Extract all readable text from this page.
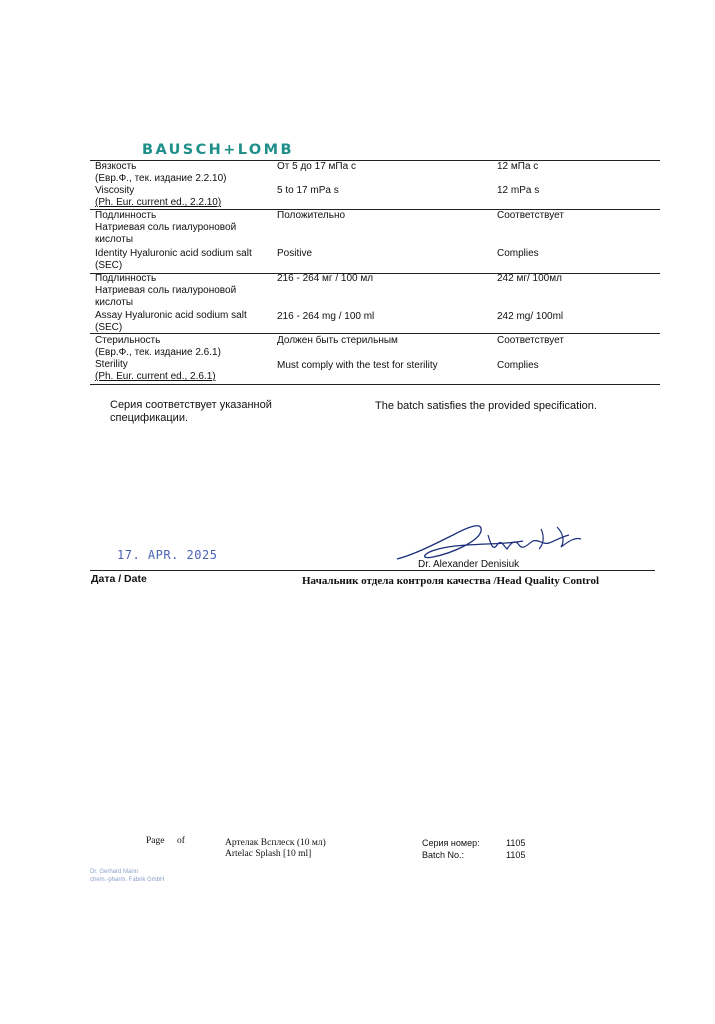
BAUSCH+LOMB
Вязкость
(Евр.Ф., тек. издание 2.2.10)
Viscosity
(Ph. Eur. current ed., 2.2.10)
От 5 до 17 мПа с
5 to 17 mPa s
12 мПа с
12 mPa s
Подлинность
Натриевая соль гиалуроновой
кислоты
Identity Hyaluronic acid sodium salt
(SEC)
Положительно
Positive
Соответствует
Complies
Подлинность
Натриевая соль гиалуроновой
кислоты
Assay Hyaluronic acid sodium salt
(SEC)
216 - 264 мг / 100 мл
216 - 264 mg / 100 ml
242 мг/ 100мл
242 mg/ 100ml
Стерильность
(Евр.Ф., тек. издание 2.6.1)
Sterility
(Ph. Eur. current ed., 2.6.1)
Должен быть стерильным
Must comply with the test for sterility
Соответствует
Complies
Серия соответствует указанной
спецификации.
The batch satisfies the provided specification.
17. APR. 2025
Dr. Alexander Denisiuk
Дата / Date	Начальник отдела контроля качества /Head Quality Control
Page of	Артелак Всплеск (10 мл)
Artelac Splash [10 ml]
Серия номер:
Batch No.:
1105
1105
Dr. Gerhard Mann
chem.-pharm. Fabrik GmbH
